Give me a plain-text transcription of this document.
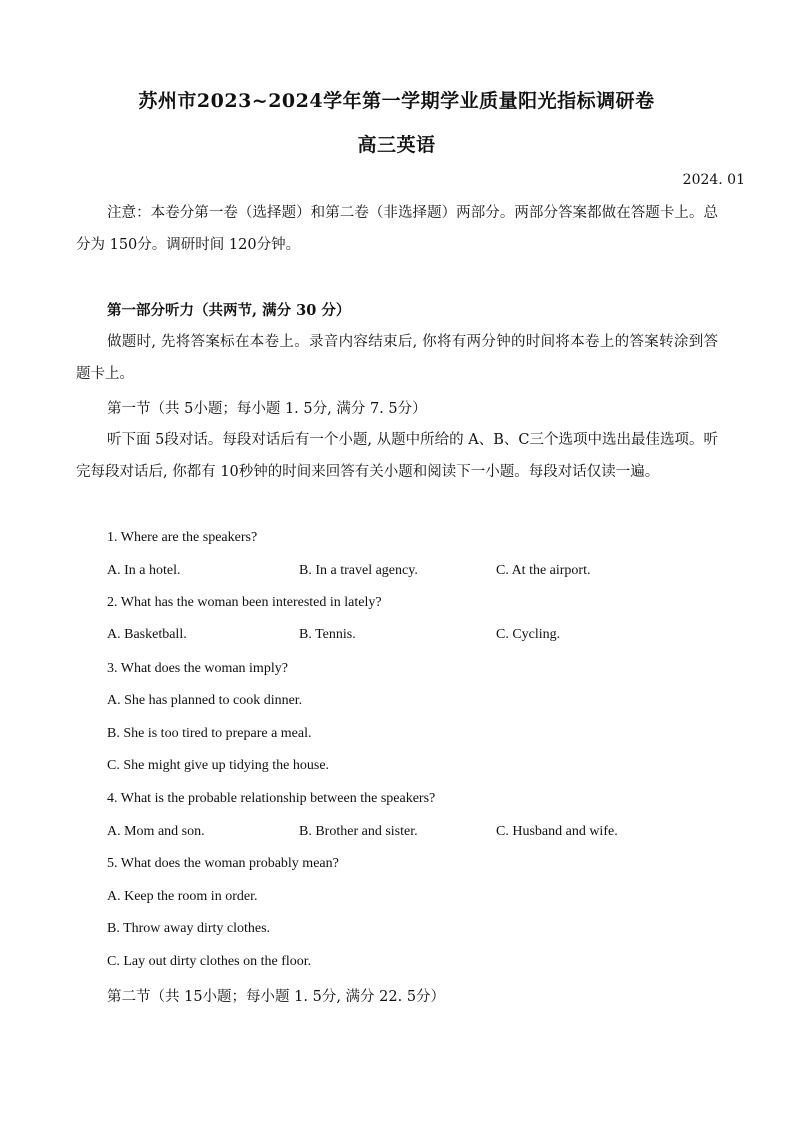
苏州市2023~2024学年第一学期学业质量阳光指标调研卷
高三英语
2024. 01
注意：本卷分第一卷（选择题）和第二卷（非选择题）两部分。两部分答案都做在答题卡上。总分为 150分。调研时间 120分钟。
第一部分听力（共两节, 满分 30 分）
做题时, 先将答案标在本卷上。录音内容结束后, 你将有两分钟的时间将本卷上的答案转涂到答题卡上。
第一节（共 5小题；每小题 1. 5分, 满分 7. 5分）
听下面 5段对话。每段对话后有一个小题, 从题中所给的 A、B、C三个选项中选出最佳选项。听完每段对话后, 你都有 10秒钟的时间来回答有关小题和阅读下一小题。每段对话仅读一遍。
1. Where are the speakers?
A. In a hotel.	B. In a travel agency.	C. At the airport.
2. What has the woman been interested in lately?
A. Basketball.	B. Tennis.	C. Cycling.
3. What does the woman imply?
A. She has planned to cook dinner.
B. She is too tired to prepare a meal.
C. She might give up tidying the house.
4. What is the probable relationship between the speakers?
A. Mom and son.	B. Brother and sister.	C. Husband and wife.
5. What does the woman probably mean?
A. Keep the room in order.
B. Throw away dirty clothes.
C. Lay out dirty clothes on the floor.
第二节（共 15小题；每小题 1. 5分, 满分 22. 5分）
